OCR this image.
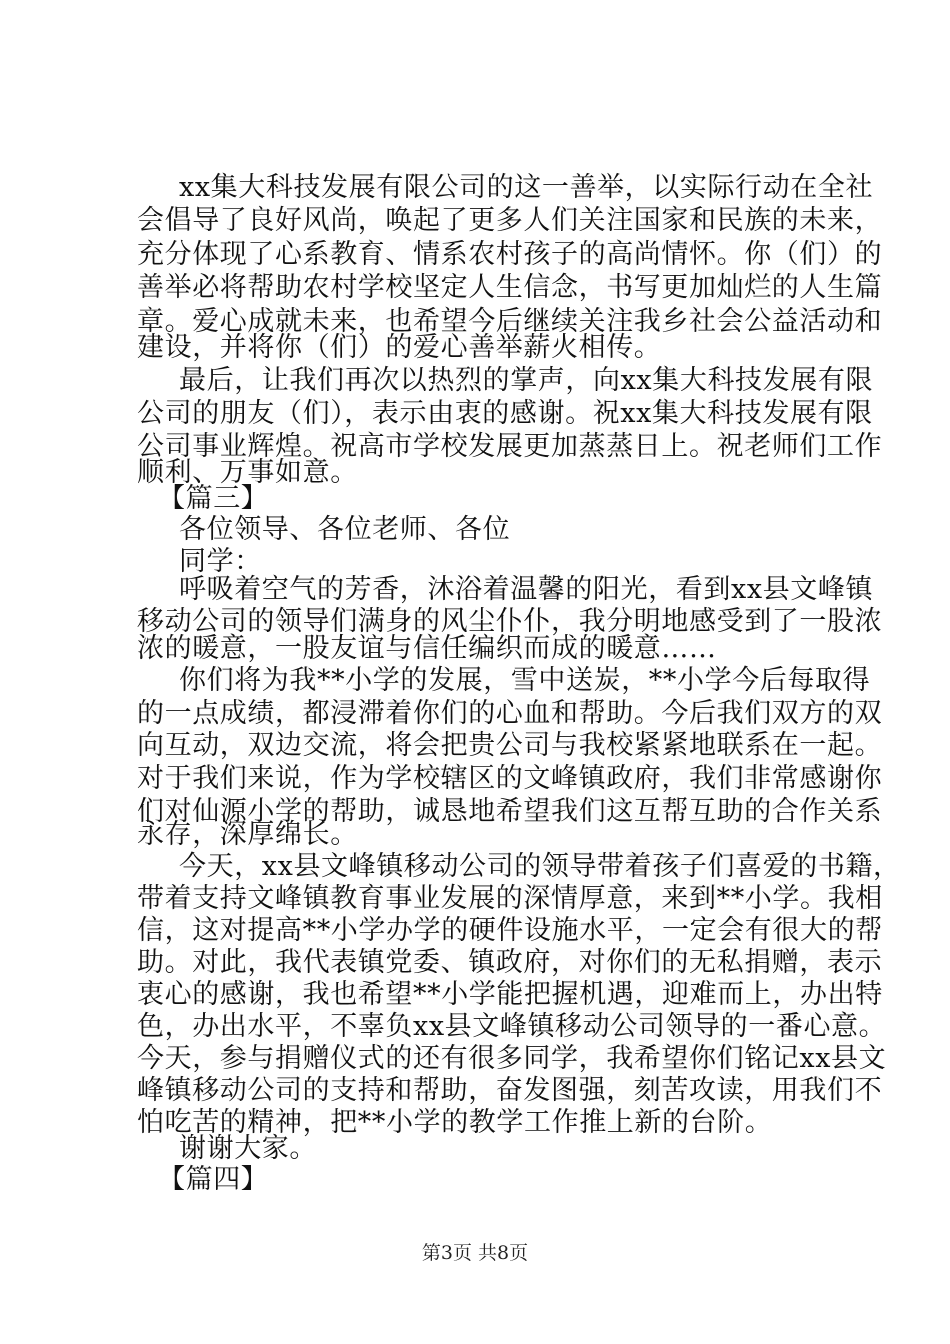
xx集大科技发展有限公司的这一善举，以实际行动在全社
会倡导了良好风尚，唤起了更多人们关注国家和民族的未来，
充分体现了心系教育、情系农村孩子的高尚情怀。你（们）的
善举必将帮助农村学校坚定人生信念，书写更加灿烂的人生篇
章。爱心成就未来，也希望今后继续关注我乡社会公益活动和
建设，并将你（们）的爱心善举薪火相传。
最后，让我们再次以热烈的掌声，向xx集大科技发展有限
公司的朋友（们），表示由衷的感谢。祝xx集大科技发展有限
公司事业辉煌。祝高市学校发展更加蒸蒸日上。祝老师们工作
顺利、万事如意。
【篇三】
各位领导、各位老师、各位
同学：
呼吸着空气的芳香，沐浴着温馨的阳光，看到xx县文峰镇
移动公司的领导们满身的风尘仆仆，我分明地感受到了一股浓
浓的暖意，一股友谊与信任编织而成的暖意……
你们将为我**小学的发展，雪中送炭，**小学今后每取得
的一点成绩，都浸滞着你们的心血和帮助。今后我们双方的双
向互动，双边交流，将会把贵公司与我校紧紧地联系在一起。
对于我们来说，作为学校辖区的文峰镇政府，我们非常感谢你
们对仙源小学的帮助，诚恳地希望我们这互帮互助的合作关系
永存，深厚绵长。
今天，xx县文峰镇移动公司的领导带着孩子们喜爱的书籍，
带着支持文峰镇教育事业发展的深情厚意，来到**小学。我相
信，这对提高**小学办学的硬件设施水平，一定会有很大的帮
助。对此，我代表镇党委、镇政府，对你们的无私捐赠，表示
衷心的感谢，我也希望**小学能把握机遇，迎难而上，办出特
色，办出水平，不辜负xx县文峰镇移动公司领导的一番心意。
今天，参与捐赠仪式的还有很多同学，我希望你们铭记xx县文
峰镇移动公司的支持和帮助，奋发图强，刻苦攻读，用我们不
怕吃苦的精神，把**小学的教学工作推上新的台阶。
谢谢大家。
【篇四】
第3页 共8页
